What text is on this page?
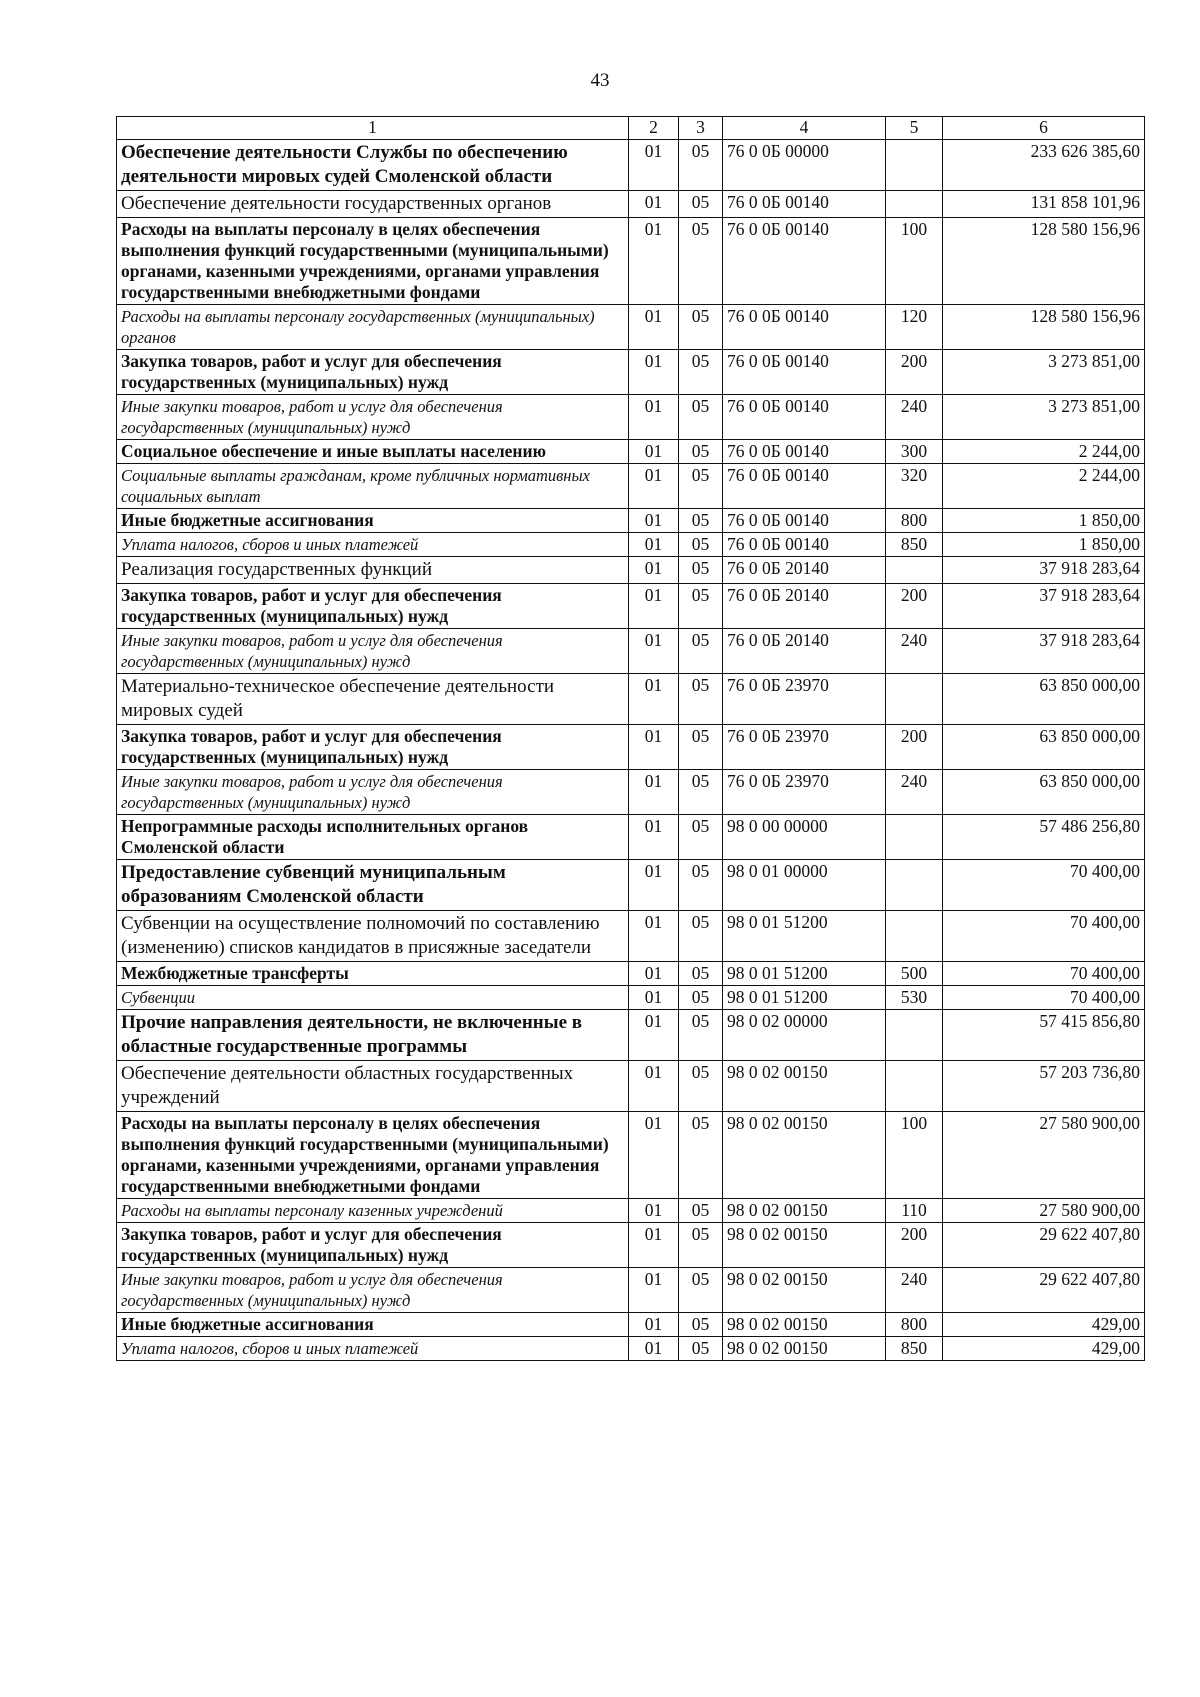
43
1	2	3	4	5	6
Обеспечение деятельности Службы по обеспечению деятельности мировых судей Смоленской области	01	05	76 0 0Б 00000		233 626 385,60
Обеспечение деятельности государственных органов	01	05	76 0 0Б 00140		131 858 101,96
Расходы на выплаты персоналу в целях обеспечения выполнения функций государственными (муниципальными) органами, казенными учреждениями, органами управления государственными внебюджетными фондами	01	05	76 0 0Б 00140	100	128 580 156,96
Расходы на выплаты персоналу государственных (муниципальных) органов	01	05	76 0 0Б 00140	120	128 580 156,96
Закупка товаров, работ и услуг для обеспечения государственных (муниципальных) нужд	01	05	76 0 0Б 00140	200	3 273 851,00
Иные закупки товаров, работ и услуг для обеспечения государственных (муниципальных) нужд	01	05	76 0 0Б 00140	240	3 273 851,00
Социальное обеспечение и иные выплаты населению	01	05	76 0 0Б 00140	300	2 244,00
Социальные выплаты гражданам, кроме публичных нормативных социальных выплат	01	05	76 0 0Б 00140	320	2 244,00
Иные бюджетные ассигнования	01	05	76 0 0Б 00140	800	1 850,00
Уплата налогов, сборов и иных платежей	01	05	76 0 0Б 00140	850	1 850,00
Реализация государственных функций	01	05	76 0 0Б 20140		37 918 283,64
Закупка товаров, работ и услуг для обеспечения государственных (муниципальных) нужд	01	05	76 0 0Б 20140	200	37 918 283,64
Иные закупки товаров, работ и услуг для обеспечения государственных (муниципальных) нужд	01	05	76 0 0Б 20140	240	37 918 283,64
Материально-техническое обеспечение деятельности мировых судей	01	05	76 0 0Б 23970		63 850 000,00
Закупка товаров, работ и услуг для обеспечения государственных (муниципальных) нужд	01	05	76 0 0Б 23970	200	63 850 000,00
Иные закупки товаров, работ и услуг для обеспечения государственных (муниципальных) нужд	01	05	76 0 0Б 23970	240	63 850 000,00
Непрограммные расходы исполнительных органов Смоленской области	01	05	98 0 00 00000		57 486 256,80
Предоставление субвенций муниципальным образованиям Смоленской области	01	05	98 0 01 00000		70 400,00
Субвенции на осуществление полномочий по составлению (изменению) списков кандидатов в присяжные заседатели	01	05	98 0 01 51200		70 400,00
Межбюджетные трансферты	01	05	98 0 01 51200	500	70 400,00
Субвенции	01	05	98 0 01 51200	530	70 400,00
Прочие направления деятельности, не включенные в областные государственные программы	01	05	98 0 02 00000		57 415 856,80
Обеспечение деятельности областных государственных учреждений	01	05	98 0 02 00150		57 203 736,80
Расходы на выплаты персоналу в целях обеспечения выполнения функций государственными (муниципальными) органами, казенными учреждениями, органами управления государственными внебюджетными фондами	01	05	98 0 02 00150	100	27 580 900,00
Расходы на выплаты персоналу казенных учреждений	01	05	98 0 02 00150	110	27 580 900,00
Закупка товаров, работ и услуг для обеспечения государственных (муниципальных) нужд	01	05	98 0 02 00150	200	29 622 407,80
Иные закупки товаров, работ и услуг для обеспечения государственных (муниципальных) нужд	01	05	98 0 02 00150	240	29 622 407,80
Иные бюджетные ассигнования	01	05	98 0 02 00150	800	429,00
Уплата налогов, сборов и иных платежей	01	05	98 0 02 00150	850	429,00
